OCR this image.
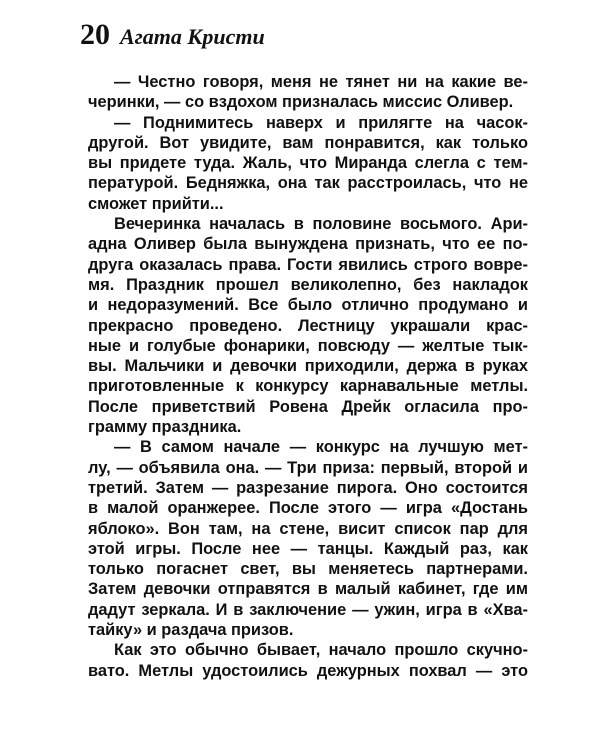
20 Агата Кристи
— Честно говоря, меня не тянет ни на какие ве-
черинки, — со вздохом призналась миссис Оливер.
— Поднимитесь наверх и прилягте на часок-
другой. Вот увидите, вам понравится, как только
вы придете туда. Жаль, что Миранда слегла с тем-
пературой. Бедняжка, она так расстроилась, что не
сможет прийти...
Вечеринка началась в половине восьмого. Ари-
адна Оливер была вынуждена признать, что ее по-
друга оказалась права. Гости явились строго вовре-
мя. Праздник прошел великолепно, без накладок
и недоразумений. Все было отлично продумано и
прекрасно проведено. Лестницу украшали крас-
ные и голубые фонарики, повсюду — желтые тык-
вы. Мальчики и девочки приходили, держа в руках
приготовленные к конкурсу карнавальные метлы.
После приветствий Ровена Дрейк огласила про-
грамму праздника.
— В самом начале — конкурс на лучшую мет-
лу, — объявила она. — Три приза: первый, второй и
третий. Затем — разрезание пирога. Оно состоится
в малой оранжерее. После этого — игра «Достань
яблоко». Вон там, на стене, висит список пар для
этой игры. После нее — танцы. Каждый раз, как
только погаснет свет, вы меняетесь партнерами.
Затем девочки отправятся в малый кабинет, где им
дадут зеркала. И в заключение — ужин, игра в «Хва-
тайку» и раздача призов.
Как это обычно бывает, начало прошло скучно-
вато. Метлы удостоились дежурных похвал — это
